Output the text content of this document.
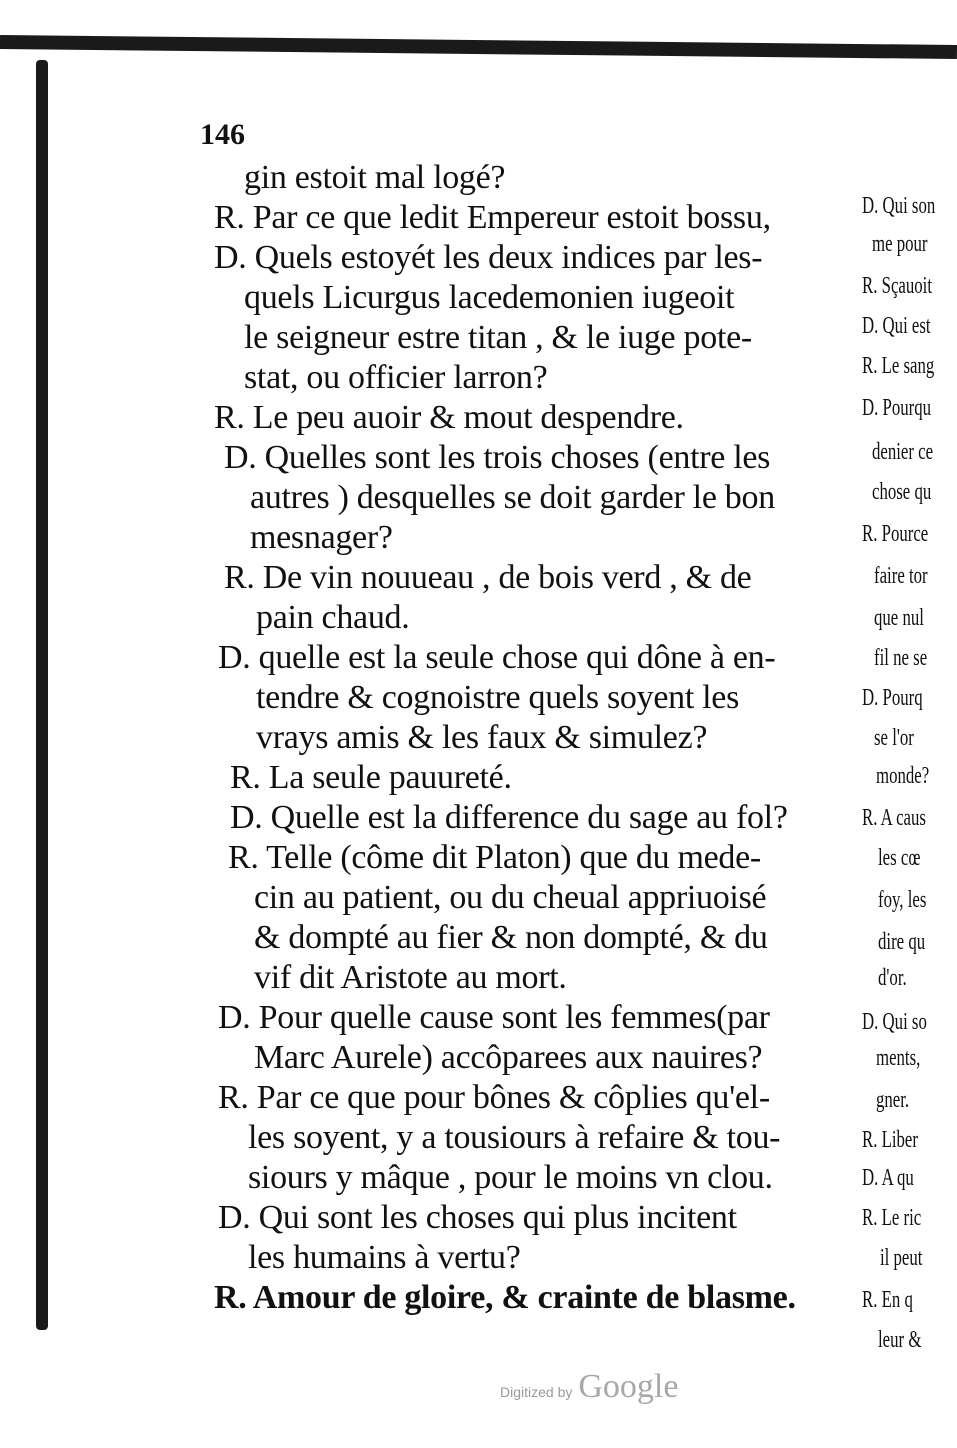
146
gin estoit mal logé?
R. Par ce que ledit Empereur estoit bossu,
D. Quels estoyét les deux indices par les-
quels Licurgus lacedemonien iugeoit
le seigneur estre titan , & le iuge pote-
stat, ou officier larron?
R. Le peu auoir & mout despendre.
D. Quelles sont les trois choses (entre les
autres ) desquelles se doit garder le bon
mesnager?
R. De vin nouueau , de bois verd , & de
pain chaud.
D. quelle est la seule chose qui dône à en-
tendre & cognoistre quels soyent les
vrays amis & les faux & simulez?
R. La seule pauureté.
D. Quelle est la difference du sage au fol?
R. Telle (côme dit Platon) que du mede-
cin au patient, ou du cheual appriuoisé
& dompté au fier & non dompté, & du
vif dit Aristote au mort.
D. Pour quelle cause sont les femmes(par
Marc Aurele) accôparees aux nauires?
R. Par ce que pour bônes & côplies qu'el-
les soyent, y a tousiours à refaire & tou-
siours y mâque , pour le moins vn clou.
D. Qui sont les choses qui plus incitent
les humains à vertu?
R. Amour de gloire, & crainte de blasme.
D. Qui son
me pour
R. Sçauoit
D. Qui est
R. Le sang
D. Pourqu
denier ce
chose qu
R. Pource
faire tor
que nul
fil ne se
D. Pourq
se l'or
monde?
R. A caus
les cœ
foy, les
dire qu
d'or.
D. Qui so
ments,
gner.
R. Liber
D. A qu
R. Le ric
il peut
R. En q
leur &
Digitized by Google
